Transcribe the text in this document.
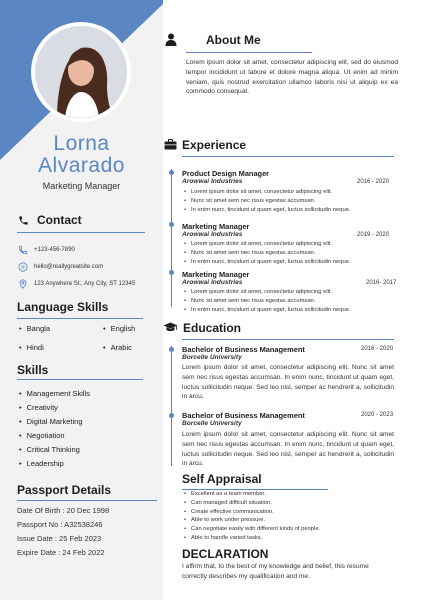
Lorna
Alvarado
Marketing Manager
Contact
+123-456-7890
@ hello@reallygreatsite.com
123 Anywhere St., Any City, ST 12345
Language Skills
• Bangla	• English
• Hindi	• Arabic
Skills
• Management Skills
• Creativity
• Digital Marketing
• Negotiation
• Critical Thinking
• Leadership
Passport Details
Date Of Birth : 20 Dec 1998
Passport No : A32538246
Issue Date : 25 Feb 2023
Expire Date : 24 Feb 2022
About Me
Lorem ipsum dolor sit amet, consectetur adipiscing elit, sed do eiusmod tempor incididunt ut labore et dolore magna aliqua. Ut enim ad minim veniam, quis nostrud exercitation ullamco laboris nisi ut aliquip ex ea commodo consequat.
Experience
Product Design Manager
Arowwai Industries	2016 - 2020
• Lorem ipsum dolor sit amet, consectetur adipiscing elit.
• Nunc sit amet sem nec risus egestas accumsan.
• In enim nunc, tincidunt ut quam eget, luctus sollicitudin neque.
Marketing Manager
Arowwai Industries	2019 - 2020
• Lorem ipsum dolor sit amet, consectetur adipiscing elit.
• Nunc sit amet sem nec risus egestas accumsan.
• In enim nunc, tincidunt ut quam eget, luctus sollicitudin neque.
Marketing Manager
Arowwai Industries	2016- 2017
• Lorem ipsum dolor sit amet, consectetur adipiscing elit.
• Nunc sit amet sem nec risus egestas accumsan.
• In enim nunc, tincidunt ut quam eget, luctus sollicitudin neque.
Education
Bachelor of Business Management
Borcelle University
2016 - 2020
Lorem ipsum dolor sit amet, consectetur adipiscing elit. Nunc sit amet sem nec risus egestas accumsan. In enim nunc, tincidunt ut quam eget, luctus sollicitudin neque. Sed leo nisl, semper ac hendrerit a, sollicitudin in arcu.
Bachelor of Business Management
Borcelle University
2020 - 2023
Lorem ipsum dolor sit amet, consectetur adipiscing elit. Nunc sit amet sem nec risus egestas accumsan. In enim nunc, tincidunt ut quam eget, luctus sollicitudin neque. Sed leo nisl, semper ac hendrerit a, sollicitudin in arcu.
Self Appraisal
• Excellent as a team member.
• Can managed difficult situation.
• Create effective communication.
• Able to work under pressure.
• Can negotiate easily with different kinds of people.
• Able to handle varied tasks.
DECLARATION
I affirm that, to the best of my knowledge and belief, this resume correctly describes my qualification and me.
